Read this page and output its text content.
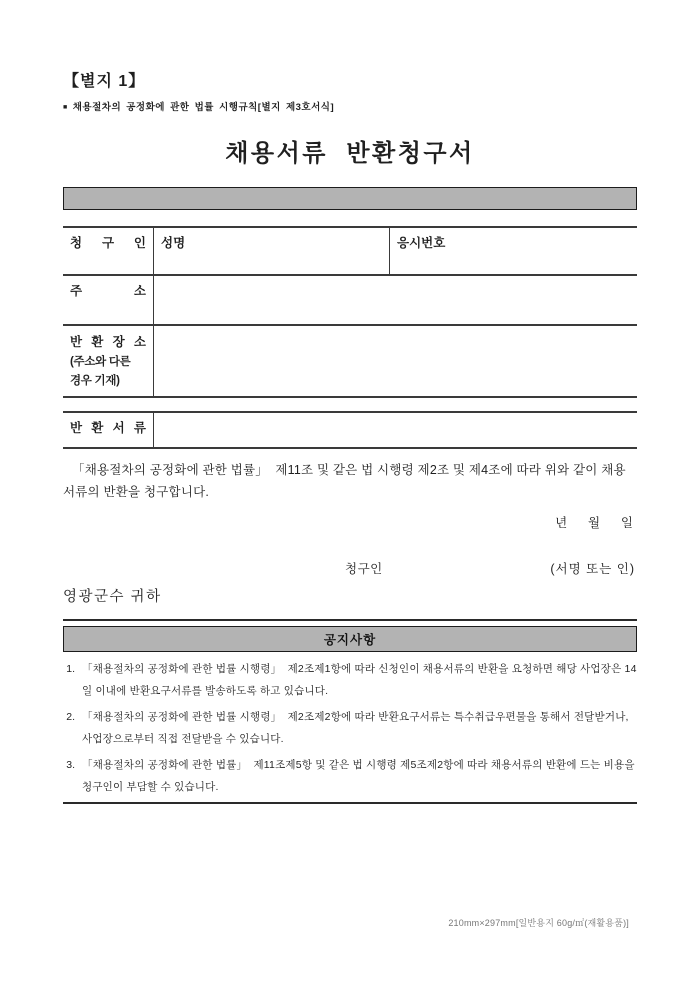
【별지 1】
■ 채용절차의 공정화에 관한 법률 시행규칙[별지 제3호서식]
채용서류  반환청구서
청 구 인	성명	응시번호
주 소
반 환 장 소
(주소와 다른
경우 기재)
반 환 서 류
「채용절차의 공정화에 관한 법률」  제11조 및 같은 법 시행령 제2조 및 제4조에 따라 위와 같이 채용서류의 반환을 청구합니다.
년      월      일
청구인	(서명 또는 인)
영광군수 귀하
공지사항
1. 「채용절차의 공정화에 관한 법률 시행령」  제2조제1항에 따라 신청인이 채용서류의 반환을 요청하면 해당 사업장은 14일 이내에 반환요구서류를 발송하도록 하고 있습니다.
2. 「채용절차의 공정화에 관한 법률 시행령」  제2조제2항에 따라 반환요구서류는 특수취급우편물을 통해서 전달받거나, 사업장으로부터 직접 전달받을 수 있습니다.
3. 「채용절차의 공정화에 관한 법률」  제11조제5항 및 같은 법 시행령 제5조제2항에 따라 채용서류의 반환에 드는 비용을 청구인이 부담할 수 있습니다.
210mm×297mm[일반용지 60g/㎡(재활용품)]
